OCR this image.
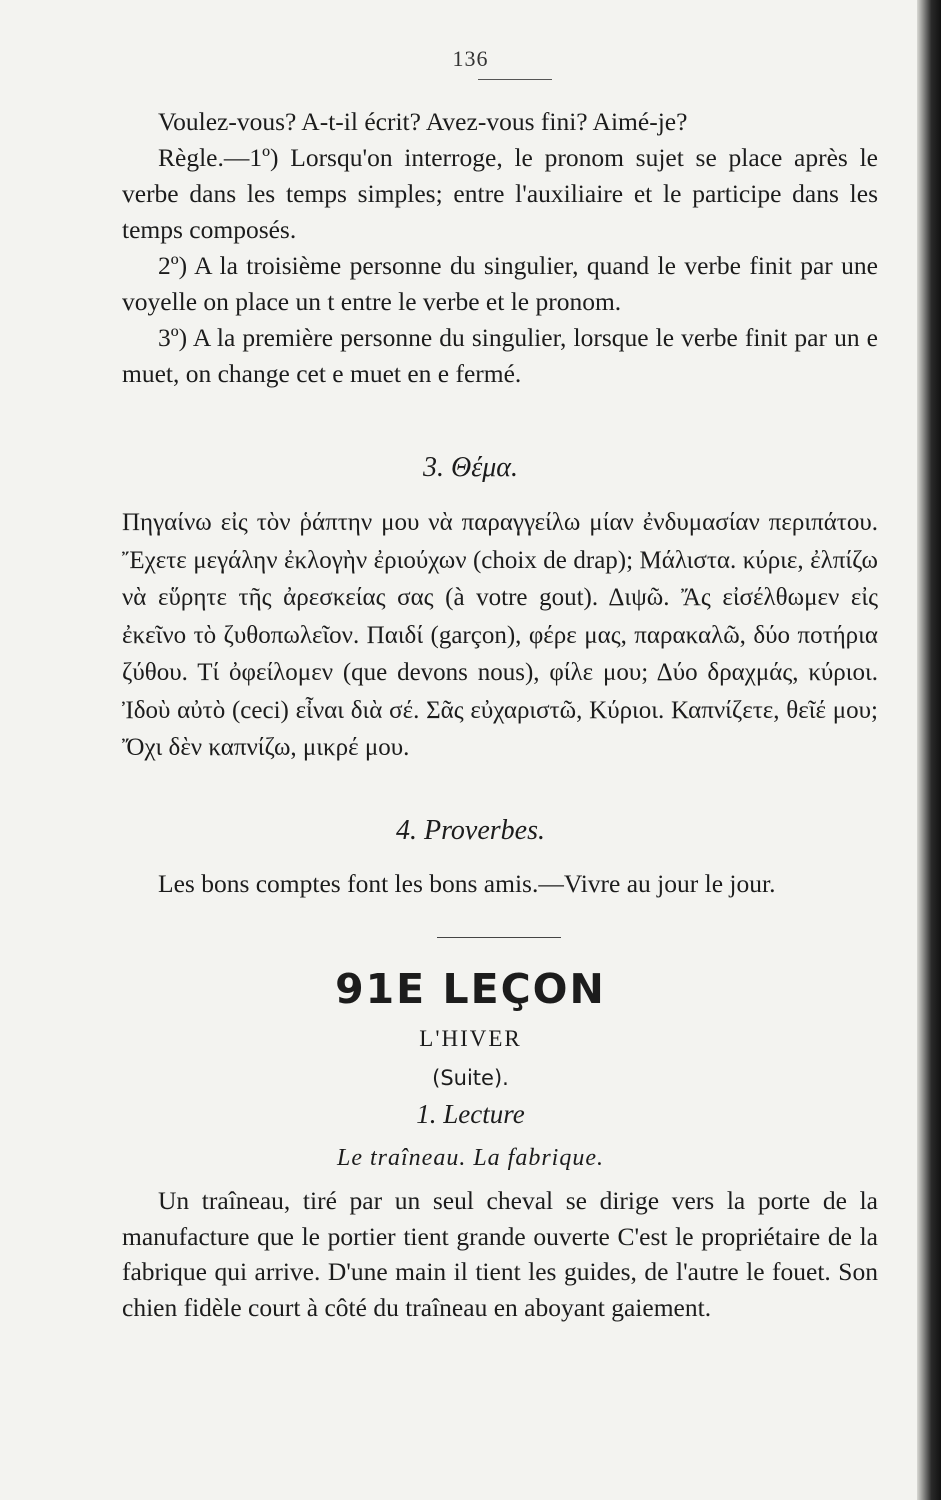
136

Voulez-vous? A-t-il écrit? Avez-vous fini? Aimé-je?

Règle.—1º) Lorsqu'on interroge, le pronom sujet se place après le verbe dans les temps simples; entre l'auxiliaire et le participe dans les temps composés.

2º) A la troisième personne du singulier, quand le verbe finit par une voyelle on place un t entre le verbe et le pronom.

3º) A la première personne du singulier, lorsque le verbe finit par un e muet, on change cet e muet en e fermé.

3. Θέμα.

Πηγαίνω εἰς τὸν ῥάπτην μου νὰ παραγγείλω μίαν ἐνδυμασίαν περιπάτου. Ἔχετε μεγάλην ἐκλογὴν ἐριούχων (choix de drap); Μάλιστα. κύριε, ἐλπίζω νὰ εὕρητε τῆς ἀρεσκείας σας (à votre gout). Διψῶ. Ἄς εἰσέλθωμεν εἰς ἐκεῖνο τὸ ζυθοπωλεῖον. Παιδί (garçon), φέρε μας, παρακαλῶ, δύο ποτήρια ζύθου. Τί ὀφείλομεν (que devons nous), φίλε μου; Δύο δραχμάς, κύριοι. Ἰδοὺ αὐτὸ (ceci) εἶναι διὰ σέ. Σᾶς εὐχαριστῶ, Κύριοι. Καπνίζετε, θεῖέ μου; Ὄχι δὲν καπνίζω, μικρέ μου.

4. Proverbes.

Les bons comptes font les bons amis.—Vivre au jour le jour.

91E LEÇON
L'HIVER
(Suite).
1. Lecture
Le traîneau. La fabrique.

Un traîneau, tiré par un seul cheval se dirige vers la porte de la manufacture que le portier tient grande ouverte C'est le propriétaire de la fabrique qui arrive. D'une main il tient les guides, de l'autre le fouet. Son chien fidèle court à côté du traîneau en aboyant gaiement.
